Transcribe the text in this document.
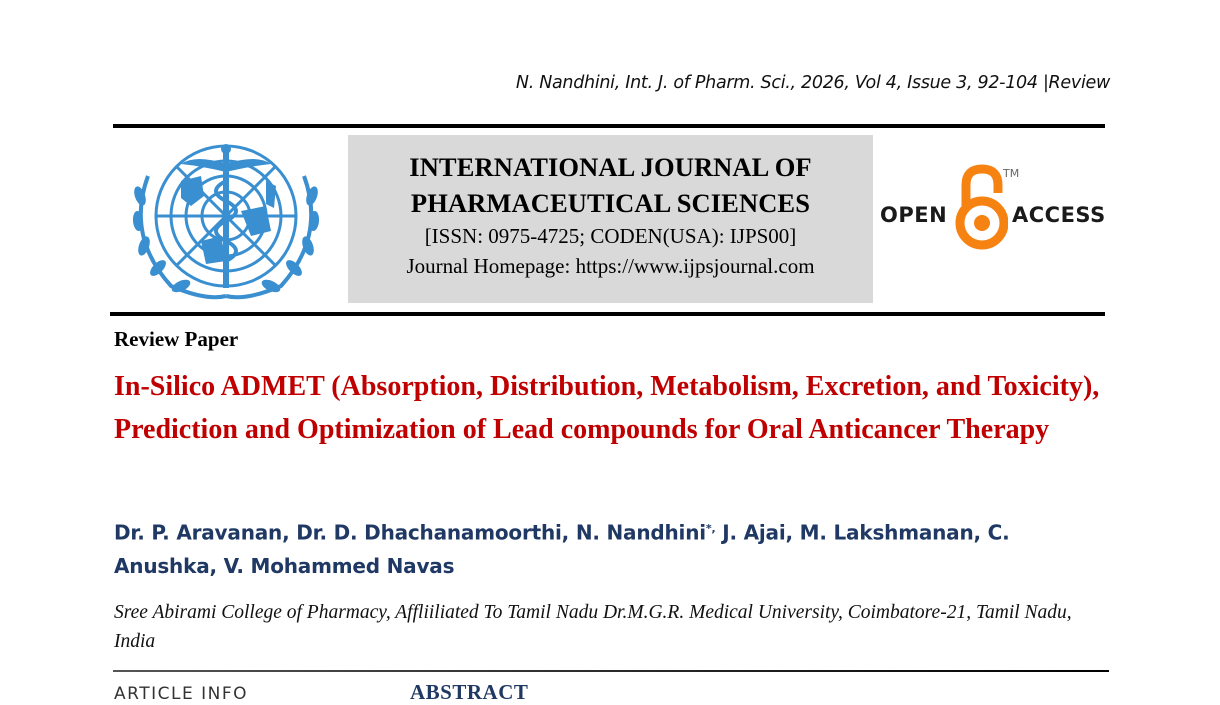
N. Nandhini, Int. J. of Pharm. Sci., 2026, Vol 4, Issue 3, 92-104 |Review
INTERNATIONAL JOURNAL OF
PHARMACEUTICAL SCIENCES
[ISSN: 0975-4725; CODEN(USA): IJPS00]
Journal Homepage: https://www.ijpsjournal.com
OPEN
TM
ACCESS
Review Paper
In-Silico ADMET (Absorption, Distribution, Metabolism, Excretion, and Toxicity), Prediction and Optimization of Lead compounds for Oral Anticancer Therapy
Dr. P. Aravanan, Dr. D. Dhachanamoorthi, N. Nandhini*, J. Ajai, M. Lakshmanan, C. Anushka, V. Mohammed Navas
Sree Abirami College of Pharmacy, Affliiliated To Tamil Nadu Dr.M.G.R. Medical University, Coimbatore-21, Tamil Nadu, India
ARTICLE INFO	ABSTRACT
